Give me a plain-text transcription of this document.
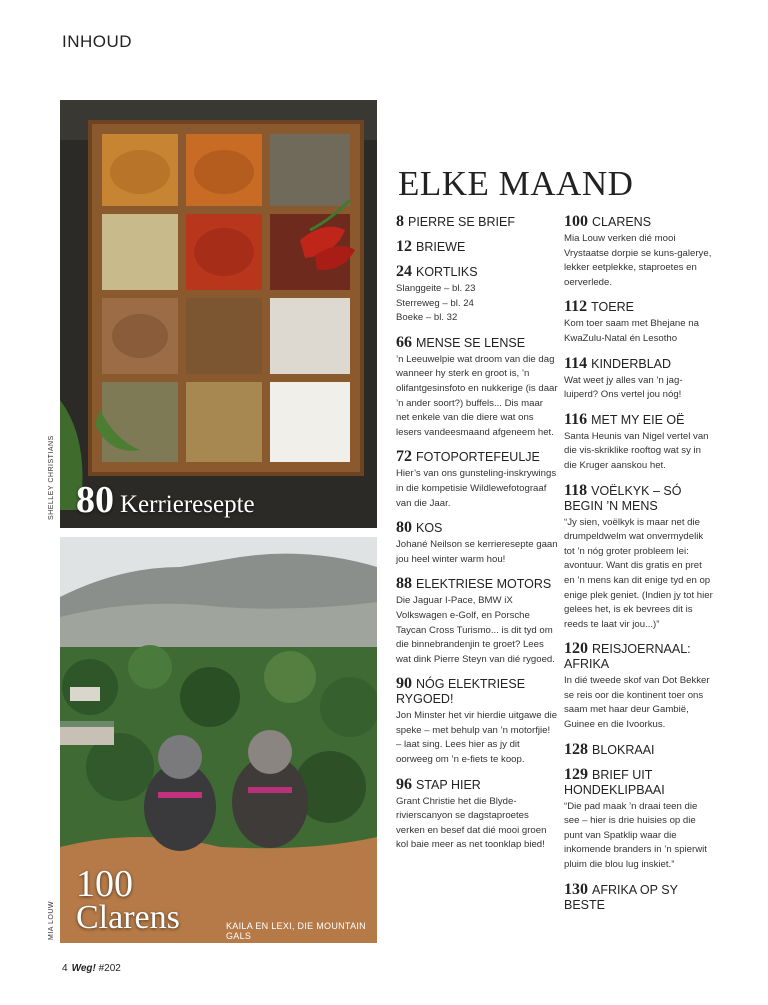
INHOUD
80 Kerrieresepte
SHELLEY CHRISTIANS
100
Clarens	KAILA EN LEXI, DIE MOUNTAIN GALS
MIA LOUW
ELKE MAAND
8 PIERRE SE BRIEF
12 BRIEWE
24 KORTLIKS
Slanggeite – bl. 23
Sterreweg – bl. 24
Boeke – bl. 32
66 MENSE SE LENSE
’n Leeuwelpie wat droom van die dag wanneer hy sterk en groot is, ’n olifantgesinsfoto en nukkerige (is daar ’n ander soort?) buffels... Dis maar net enkele van die diere wat ons lesers vandeesmaand afgeneem het.
72 FOTOPORTEFEULJE
Hier’s van ons gunsteling-inskrywings in die kompetisie Wildlewefotograaf van die Jaar.
80 KOS
Johané Neilson se kerrieresepte gaan jou heel winter warm hou!
88 ELEKTRIESE MOTORS
Die Jaguar I-Pace, BMW iX Volkswagen e-Golf, en Porsche Taycan Cross Turismo... is dit tyd om die binnebrandenjin te groet? Lees wat dink Pierre Steyn van dié rygoed.
90 NÓG ELEKTRIESE RYGOED!
Jon Minster het vir hierdie uitgawe die speke – met behulp van ’n motorfjie! – laat sing. Lees hier as jy dit oorweeg om ’n e-fiets te koop.
96 STAP HIER
Grant Christie het die Blyde-rivierscanyon se dagstaproetes verken en besef dat dié mooi groen kol baie meer as net toonklap bied!
100 CLARENS
Mia Louw verken dié mooi Vrystaatse dorpie se kuns-galerye, lekker eetplekke, staproetes en oerverlede.
112 TOERE
Kom toer saam met Bhejane na KwaZulu-Natal én Lesotho
114 KINDERBLAD
Wat weet jy alles van ’n jag-luiperd? Ons vertel jou nóg!
116 MET MY EIE OË
Santa Heunis van Nigel vertel van die vis-skriklike rooftog wat sy in die Kruger aanskou het.
118 VOËLKYK – SÓ BEGIN ’N MENS
“Jy sien, voëlkyk is maar net die drumpeldwelm wat onvermydelik tot ’n nóg groter probleem lei: avontuur. Want dis gratis en pret en ’n mens kan dit enige tyd en op enige plek geniet. (Indien jy tot hier gelees het, is ek bevrees dit is reeds te laat vir jou...)”
120 REISJOERNAAL: AFRIKA
In dié tweede skof van Dot Bekker se reis oor die kontinent toer ons saam met haar deur Gambië, Guinee en die Ivoorkus.
128 BLOKRAAI
129 BRIEF UIT HONDEKLIPBAAI
“Die pad maak ’n draai teen die see – hier is drie huisies op die punt van Spatklip waar die inkomende branders in ’n spierwit pluim die blou lug inskiet.”
130 AFRIKA OP SY BESTE
4 Weg! #202
